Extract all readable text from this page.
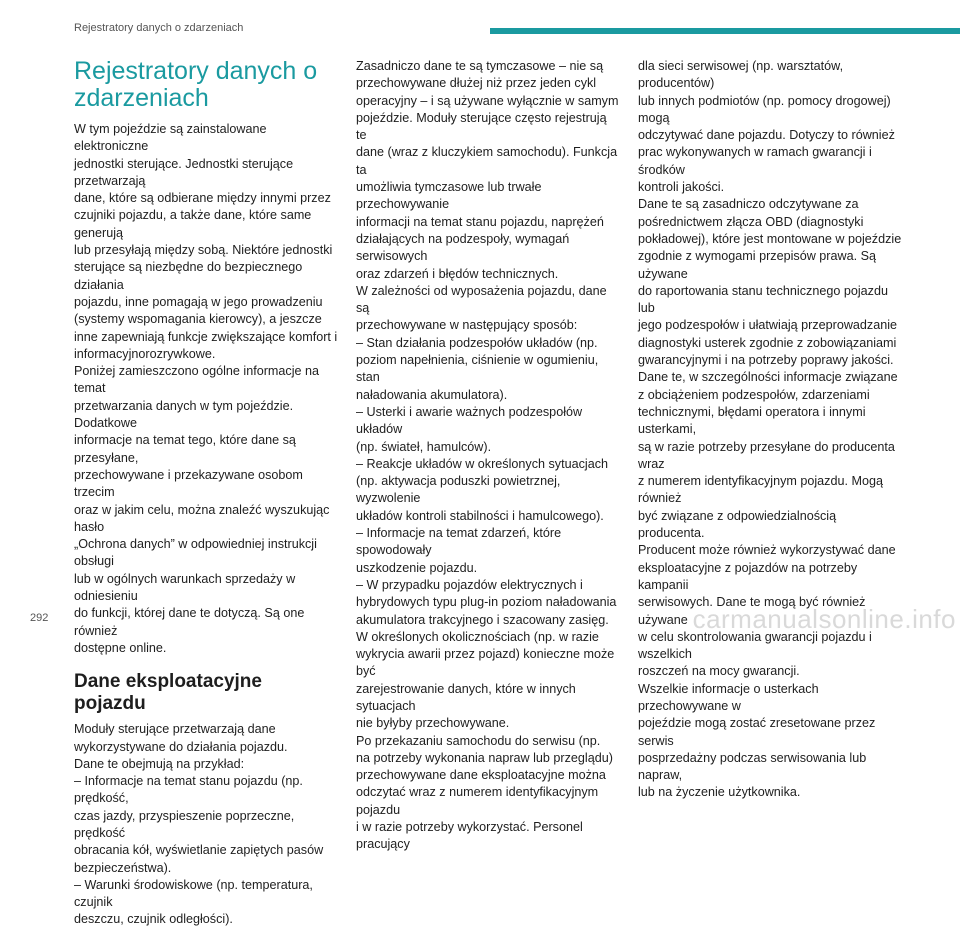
Rejestratory danych o zdarzeniach
Rejestratory danych o zdarzeniach

W tym pojeździe są zainstalowane elektroniczne
jednostki sterujące. Jednostki sterujące przetwarzają
dane, które są odbierane między innymi przez
czujniki pojazdu, a także dane, które same generują
lub przesyłają między sobą. Niektóre jednostki
sterujące są niezbędne do bezpiecznego działania
pojazdu, inne pomagają w jego prowadzeniu
(systemy wspomagania kierowcy), a jeszcze
inne zapewniają funkcje zwiększające komfort i
informacyjnorozrywkowe.
Poniżej zamieszczono ogólne informacje na temat
przetwarzania danych w tym pojeździe. Dodatkowe
informacje na temat tego, które dane są przesyłane,
przechowywane i przekazywane osobom trzecim
oraz w jakim celu, można znaleźć wyszukując hasło
„Ochrona danych” w odpowiedniej instrukcji obsługi
lub w ogólnych warunkach sprzedaży w odniesieniu
do funkcji, której dane te dotyczą. Są one również
dostępne online.

Dane eksploatacyjne pojazdu

Moduły sterujące przetwarzają dane
wykorzystywane do działania pojazdu.
Dane te obejmują na przykład:
– Informacje na temat stanu pojazdu (np. prędkość,
czas jazdy, przyspieszenie poprzeczne, prędkość
obracania kół, wyświetlanie zapiętych pasów
bezpieczeństwa).
– Warunki środowiskowe (np. temperatura, czujnik
deszczu, czujnik odległości).

Zasadniczo dane te są tymczasowe – nie są
przechowywane dłużej niż przez jeden cykl
operacyjny – i są używane wyłącznie w samym
pojeździe. Moduły sterujące często rejestrują te
dane (wraz z kluczykiem samochodu). Funkcja ta
umożliwia tymczasowe lub trwałe przechowywanie
informacji na temat stanu pojazdu, naprężeń
działających na podzespoły, wymagań serwisowych
oraz zdarzeń i błędów technicznych.
W zależności od wyposażenia pojazdu, dane są
przechowywane w następujący sposób:
– Stan działania podzespołów układów (np.
poziom napełnienia, ciśnienie w ogumieniu, stan
naładowania akumulatora).
– Usterki i awarie ważnych podzespołów układów
(np. świateł, hamulców).
– Reakcje układów w określonych sytuacjach
(np. aktywacja poduszki powietrznej, wyzwolenie
układów kontroli stabilności i hamulcowego).
– Informacje na temat zdarzeń, które spowodowały
uszkodzenie pojazdu.
– W przypadku pojazdów elektrycznych i
hybrydowych typu plug-in poziom naładowania
akumulatora trakcyjnego i szacowany zasięg.
W określonych okolicznościach (np. w razie
wykrycia awarii przez pojazd) konieczne może być
zarejestrowanie danych, które w innych sytuacjach
nie byłyby przechowywane.
Po przekazaniu samochodu do serwisu (np.
na potrzeby wykonania napraw lub przeglądu)
przechowywane dane eksploatacyjne można
odczytać wraz z numerem identyfikacyjnym pojazdu
i w razie potrzeby wykorzystać. Personel pracujący

dla sieci serwisowej (np. warsztatów, producentów)
lub innych podmiotów (np. pomocy drogowej) mogą
odczytywać dane pojazdu. Dotyczy to również
prac wykonywanych w ramach gwarancji i środków
kontroli jakości.
Dane te są zasadniczo odczytywane za
pośrednictwem złącza OBD (diagnostyki
pokładowej), które jest montowane w pojeździe
zgodnie z wymogami przepisów prawa. Są używane
do raportowania stanu technicznego pojazdu lub
jego podzespołów i ułatwiają przeprowadzanie
diagnostyki usterek zgodnie z zobowiązaniami
gwarancyjnymi i na potrzeby poprawy jakości.
Dane te, w szczególności informacje związane
z obciążeniem podzespołów, zdarzeniami
technicznymi, błędami operatora i innymi usterkami,
są w razie potrzeby przesyłane do producenta wraz
z numerem identyfikacyjnym pojazdu. Mogą również
być związane z odpowiedzialnością producenta.
Producent może również wykorzystywać dane
eksploatacyjne z pojazdów na potrzeby kampanii
serwisowych. Dane te mogą być również używane
w celu skontrolowania gwarancji pojazdu i wszelkich
roszczeń na mocy gwarancji.
Wszelkie informacje o usterkach przechowywane w
pojeździe mogą zostać zresetowane przez serwis
posprzedażny podczas serwisowania lub napraw,
lub na życzenie użytkownika.

292	carmanualsonline.info
